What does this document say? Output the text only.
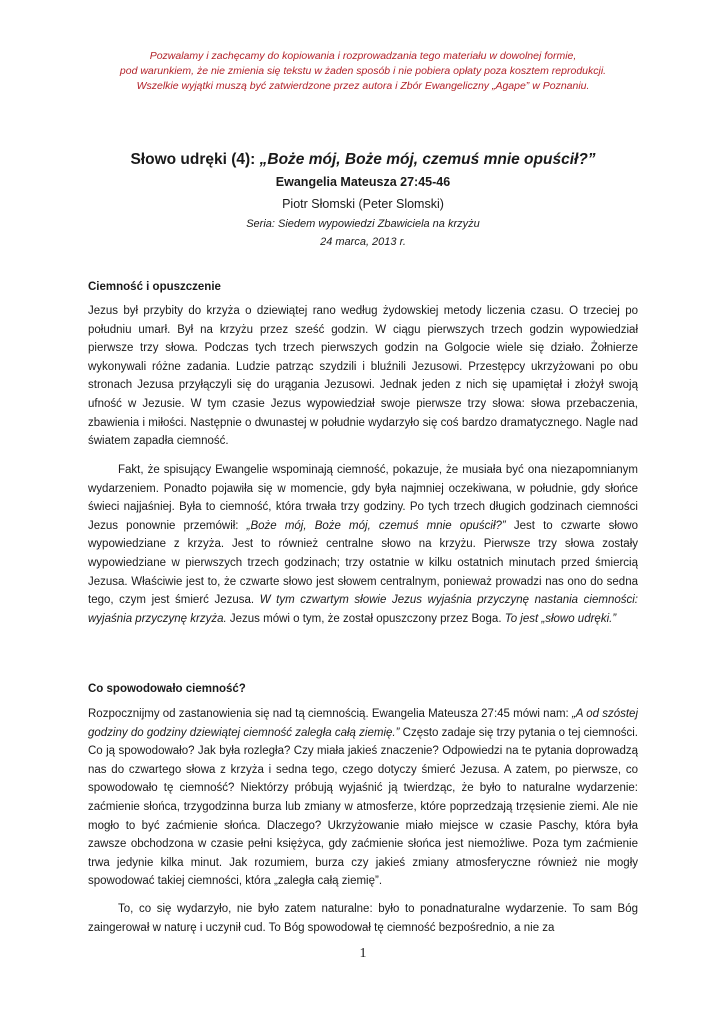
Pozwalamy i zachęcamy do kopiowania i rozprowadzania tego materiału w dowolnej formie,
pod warunkiem, że nie zmienia się tekstu w żaden sposób i nie pobiera opłaty poza kosztem reprodukcji.
Wszelkie wyjątki muszą być zatwierdzone przez autora i Zbór Ewangeliczny „Agape” w Poznaniu.
Słowo udręki (4): „Boże mój, Boże mój, czemuś mnie opuścił?”
Ewangelia Mateusza 27:45-46
Piotr Słomski (Peter Slomski)
Seria: Siedem wypowiedzi Zbawiciela na krzyżu
24 marca, 2013 r.
Ciemność i opuszczenie
Jezus był przybity do krzyża o dziewiątej rano według żydowskiej metody liczenia czasu. O trzeciej po południu umarł. Był na krzyżu przez sześć godzin. W ciągu pierwszych trzech godzin wypowiedział pierwsze trzy słowa. Podczas tych trzech pierwszych godzin na Golgocie wiele się działo. Żołnierze wykonywali różne zadania. Ludzie patrząc szydzili i bluźnili Jezusowi. Przestępcy ukrzyżowani po obu stronach Jezusa przyłączyli się do urągania Jezusowi. Jednak jeden z nich się upamiętał i złożył swoją ufność w Jezusie. W tym czasie Jezus wypowiedział swoje pierwsze trzy słowa: słowa przebaczenia, zbawienia i miłości. Następnie o dwunastej w południe wydarzyło się coś bardzo dramatycznego. Nagle nad światem zapadła ciemność.
Fakt, że spisujący Ewangelie wspominają ciemność, pokazuje, że musiała być ona niezapomnianym wydarzeniem. Ponadto pojawiła się w momencie, gdy była najmniej oczekiwana, w południe, gdy słońce świeci najjaśniej. Była to ciemność, która trwała trzy godziny. Po tych trzech długich godzinach ciemności Jezus ponownie przemówił: „Boże mój, Boże mój, czemuś mnie opuścił?” Jest to czwarte słowo wypowiedziane z krzyża. Jest to również centralne słowo na krzyżu. Pierwsze trzy słowa zostały wypowiedziane w pierwszych trzech godzinach; trzy ostatnie w kilku ostatnich minutach przed śmiercią Jezusa. Właściwie jest to, że czwarte słowo jest słowem centralnym, ponieważ prowadzi nas ono do sedna tego, czym jest śmierć Jezusa. W tym czwartym słowie Jezus wyjaśnia przyczynę nastania ciemności: wyjaśnia przyczynę krzyża. Jezus mówi o tym, że został opuszczony przez Boga. To jest „słowo udręki.”
Co spowodowało ciemność?
Rozpocznijmy od zastanowienia się nad tą ciemnością. Ewangelia Mateusza 27:45 mówi nam: „A od szóstej godziny do godziny dziewiątej ciemność zaległa całą ziemię.” Często zadaje się trzy pytania o tej ciemności. Co ją spowodowało? Jak była rozległa? Czy miała jakieś znaczenie? Odpowiedzi na te pytania doprowadzą nas do czwartego słowa z krzyża i sedna tego, czego dotyczy śmierć Jezusa. A zatem, po pierwsze, co spowodowało tę ciemność? Niektórzy próbują wyjaśnić ją twierdząc, że było to naturalne wydarzenie: zaćmienie słońca, trzygodzinna burza lub zmiany w atmosferze, które poprzedzają trzęsienie ziemi. Ale nie mogło to być zaćmienie słońca. Dlaczego? Ukrzyżowanie miało miejsce w czasie Paschy, która była zawsze obchodzona w czasie pełni księżyca, gdy zaćmienie słońca jest niemożliwe. Poza tym zaćmienie trwa jedynie kilka minut. Jak rozumiem, burza czy jakieś zmiany atmosferyczne również nie mogły spowodować takiej ciemności, która „zaległa całą ziemię”.
To, co się wydarzyło, nie było zatem naturalne: było to ponadnaturalne wydarzenie. To sam Bóg zaingerował w naturę i uczynił cud. To Bóg spowodował tę ciemność bezpośrednio, a nie za
1
